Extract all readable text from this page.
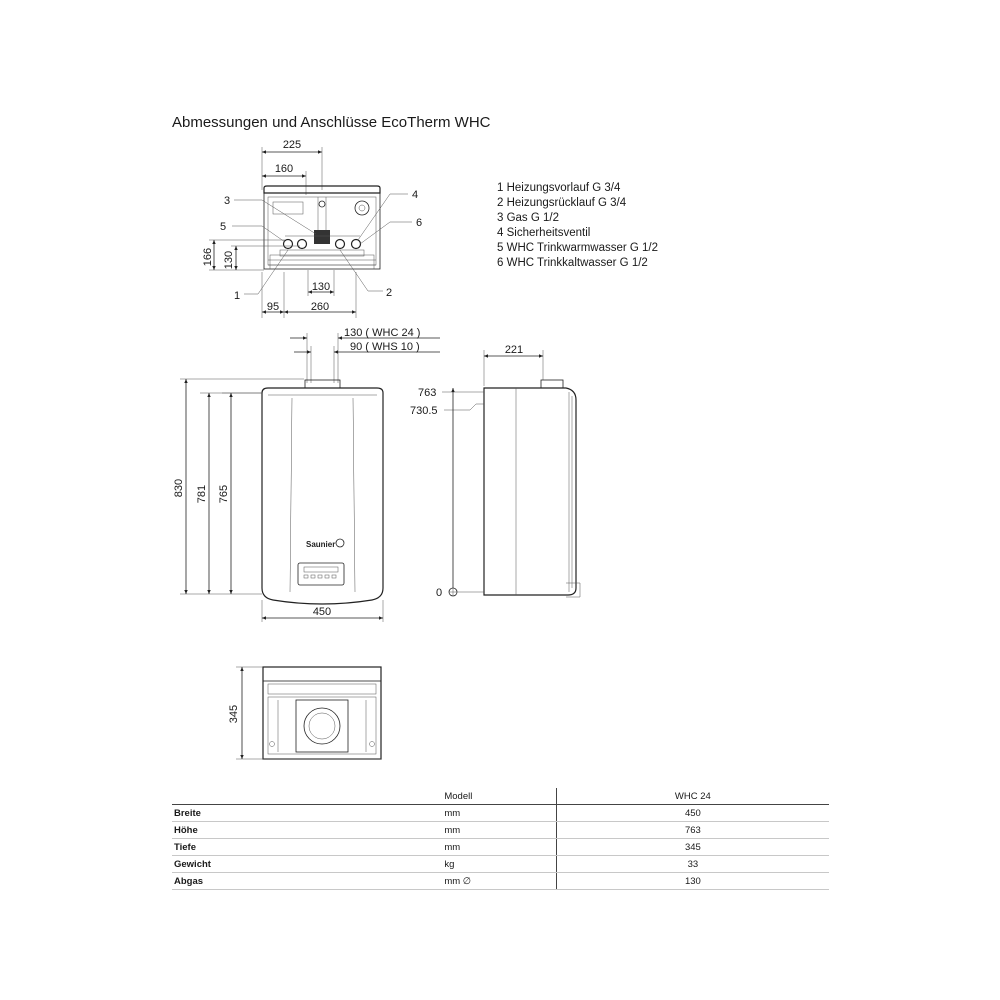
Abmessungen und Anschlüsse EcoTherm WHC
1 Heizungsvorlauf G 3/4
2 Heizungsrücklauf G 3/4
3 Gas G 1/2
4 Sicherheitsventil
5 WHC Trinkwarmwasser G 1/2
6 WHC Trinkkaltwasser G 1/2
225
160
3
5
4
6
1	2
166 130
130
95	260
130 ( WHC 24 )
90 ( WHS 10 )
Saunier
830 781 765
450
221
763
730.5
0
345
	Modell	WHC 24
Breite	mm	450
Höhe	mm	763
Tiefe	mm	345
Gewicht	kg	33
Abgas	mm ∅	130
